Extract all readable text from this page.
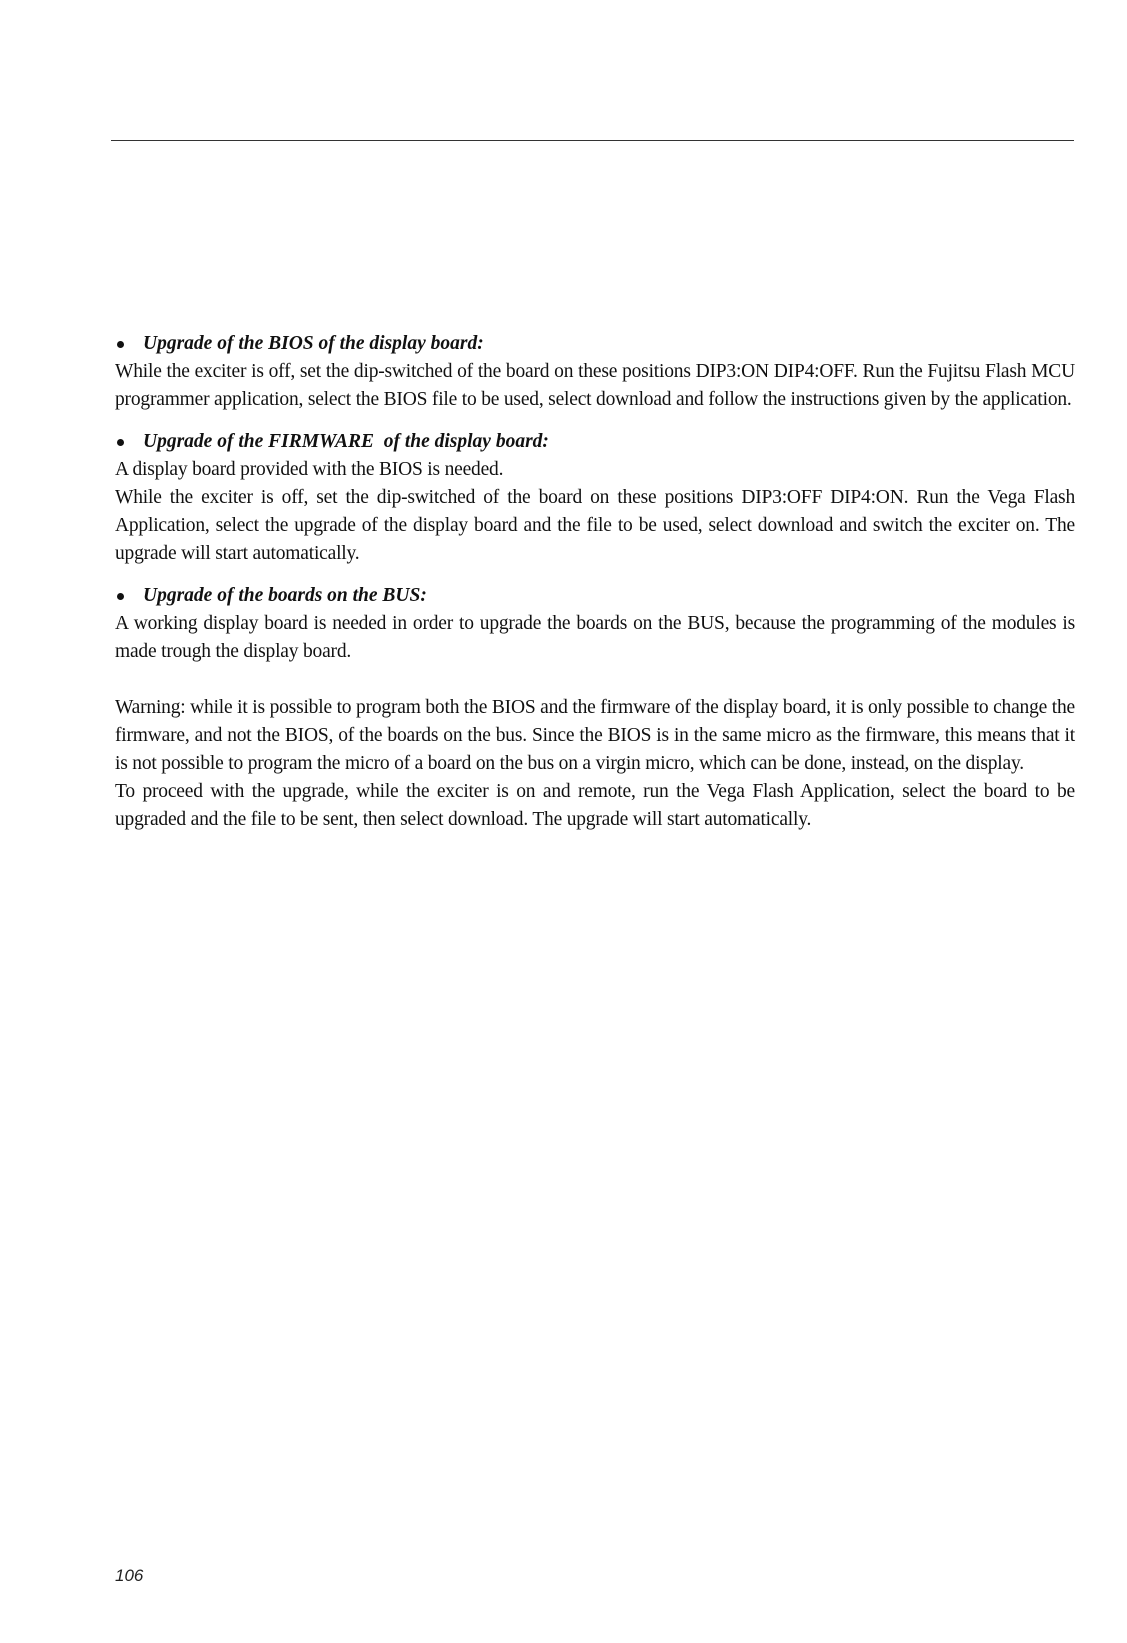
Upgrade of the BIOS of the display board:

While the exciter is off, set the dip-switched of the board on these positions DIP3:ON DIP4:OFF. Run the Fujitsu Flash MCU programmer application, select the BIOS file to be used, select download and follow the instructions given by the application.

Upgrade of the FIRMWARE  of the display board:

A display board provided with the BIOS is needed.

While the exciter is off, set the dip-switched of the board on these positions DIP3:OFF DIP4:ON. Run the Vega Flash Application, select the upgrade of the display board and the file to be used, select download and switch the exciter on. The upgrade will start automatically.

Upgrade of the boards on the BUS:

A working display board is needed in order to upgrade the boards on the BUS, because the programming of the modules is made trough the display board.

Warning: while it is possible to program both the BIOS and the firmware of the display board, it is only possible to change the firmware, and not the BIOS, of the boards on the bus. Since the BIOS is in the same micro as the firmware, this means that it is not possible to program the micro of a board on the bus on a virgin micro, which can be done, instead, on the display.

To proceed with the upgrade, while the exciter is on and remote, run the Vega Flash Application, select the board to be upgraded and the file to be sent, then select download. The upgrade will start automatically.

106
